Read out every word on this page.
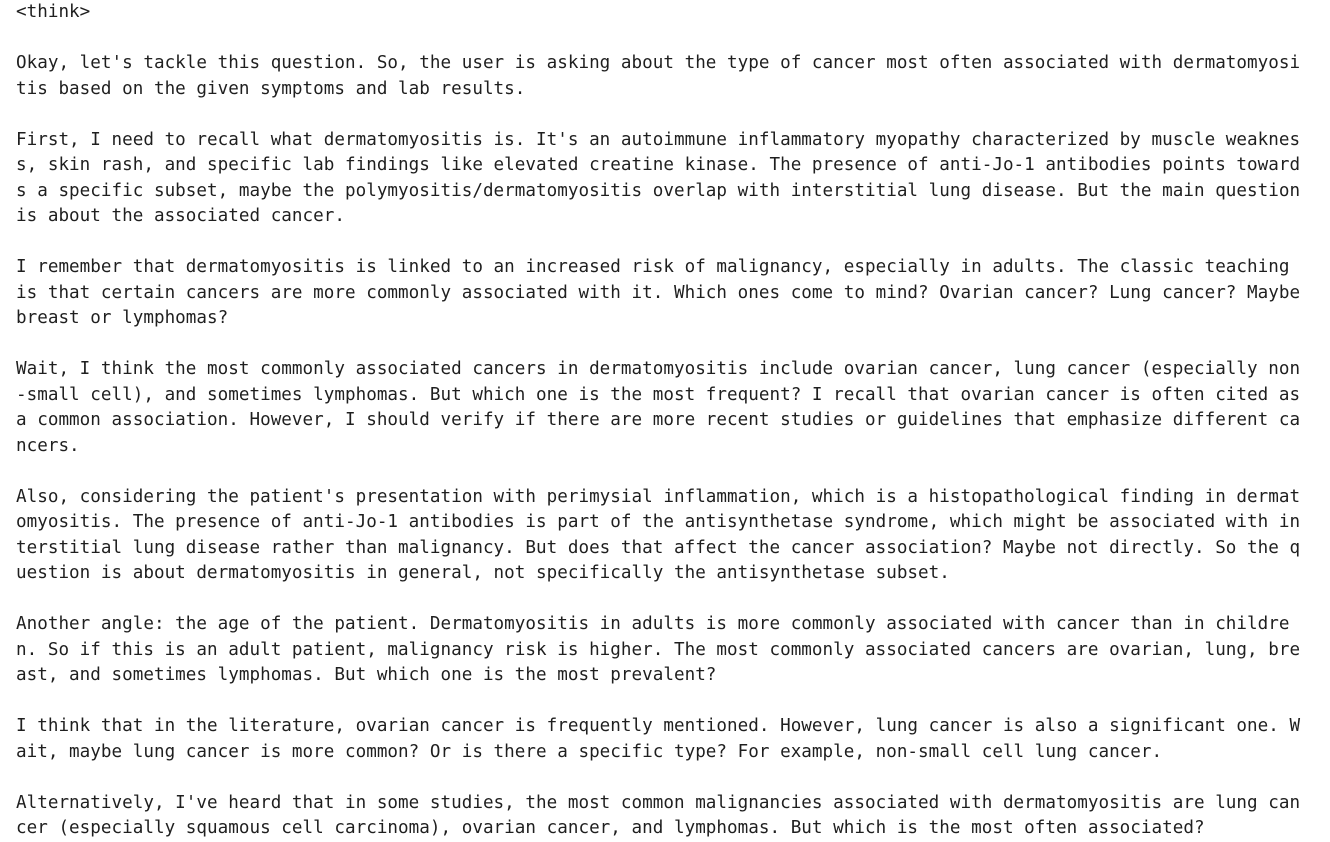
<think>
Okay, let's tackle this question. So, the user is asking about the type of cancer most often associated with dermatomyosi
tis based on the given symptoms and lab results.
First, I need to recall what dermatomyositis is. It's an autoimmune inflammatory myopathy characterized by muscle weaknes
s, skin rash, and specific lab findings like elevated creatine kinase. The presence of anti-Jo-1 antibodies points toward
s a specific subset, maybe the polymyositis/dermatomyositis overlap with interstitial lung disease. But the main question
is about the associated cancer.
I remember that dermatomyositis is linked to an increased risk of malignancy, especially in adults. The classic teaching
is that certain cancers are more commonly associated with it. Which ones come to mind? Ovarian cancer? Lung cancer? Maybe
breast or lymphomas?
Wait, I think the most commonly associated cancers in dermatomyositis include ovarian cancer, lung cancer (especially non
-small cell), and sometimes lymphomas. But which one is the most frequent? I recall that ovarian cancer is often cited as
a common association. However, I should verify if there are more recent studies or guidelines that emphasize different ca
ncers.
Also, considering the patient's presentation with perimysial inflammation, which is a histopathological finding in dermat
omyositis. The presence of anti-Jo-1 antibodies is part of the antisynthetase syndrome, which might be associated with in
terstitial lung disease rather than malignancy. But does that affect the cancer association? Maybe not directly. So the q
uestion is about dermatomyositis in general, not specifically the antisynthetase subset.
Another angle: the age of the patient. Dermatomyositis in adults is more commonly associated with cancer than in childre
n. So if this is an adult patient, malignancy risk is higher. The most commonly associated cancers are ovarian, lung, bre
ast, and sometimes lymphomas. But which one is the most prevalent?
I think that in the literature, ovarian cancer is frequently mentioned. However, lung cancer is also a significant one. W
ait, maybe lung cancer is more common? Or is there a specific type? For example, non-small cell lung cancer.
Alternatively, I've heard that in some studies, the most common malignancies associated with dermatomyositis are lung can
cer (especially squamous cell carcinoma), ovarian cancer, and lymphomas. But which is the most often associated?
